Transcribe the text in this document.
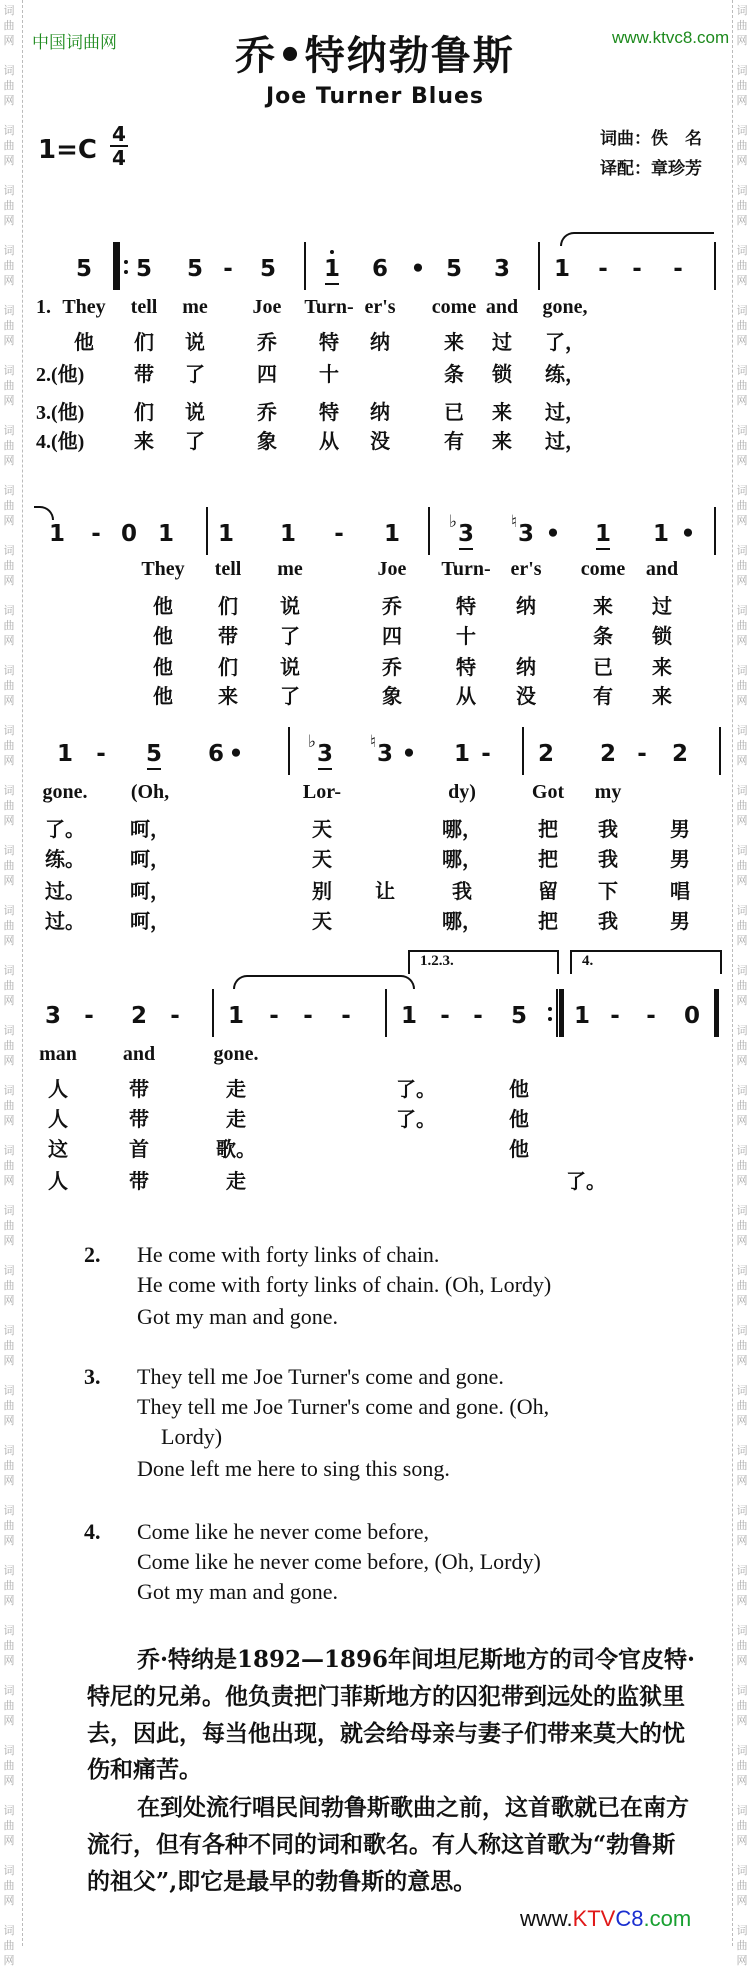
词	词
曲	曲
网	网
词	词
曲	曲
网	网
词	词
曲	曲
网	网
词	词
曲	曲
网	网
词	词
曲	曲
网	网
词	词
曲	曲
网	网
词	词
曲	曲
网	网
词	词
曲	曲
网	网
词	词
曲	曲
网	网
词	词
曲	曲
网	网
词	词
曲	曲
网	网
词	词
曲	曲
网	网
词	词
曲	曲
网	网
词	词
曲	曲
网	网
词	词
曲	曲
网	网
词	词
曲	曲
网	网
词	词
曲	曲
网	网
词	词
曲	曲
网	网
词	词
曲	曲
网	网
词	词
曲	曲
网	网
词	词
曲	曲
网	网
词	词
曲	曲
网	网
词	词
曲	曲
网	网
词	词
曲	曲
网	网
词	词
曲	曲
网	网
词	词
曲	曲
网	网
词	词
曲	曲
网	网
词	词
曲	曲
网	网
词	词
曲	曲
网	网
词	词
曲	曲
网	网
词	词
曲	曲
网	网
词	词
曲	曲
网	网
词	词
曲	曲
网	网
中国词曲网	www.ktvc8.com
乔•特纳勃鲁斯
Joe Turner Blues
1=C
4
4
词曲：佚　名
译配：章珍芳
5 5 5 - 5 1 6 • 5 3 1 - - -
1. They tell me Joe Turn- er's come and gone,
他 们 说	乔 特 纳	来 过 了，
2.(他) 带 了	四 十	条 锁 练，
3.(他) 们 说	乔 特 纳	已 来 过，
4.(他) 来 了	象 从 没	有 来 过，
1 - 0 1 1 1 - 1	3
♭	3
♮ • 1 1 •
They tell me	Joe Turn- er's come and
他 们 说	乔	特 纳	来 过
他 带 了	四	十	条 锁
他 们 说	乔	特 纳	已 来
他 来 了	象	从 没	有 来
1 - 5 6 •	3
♭	3
♮ • 1 - 2 2 - 2
gone. (Oh,	Lor-	dy)	Got my
了。 呵，	天	哪，	把 我	男
练。 呵，	天	哪，	把 我	男
过。 呵，	别 让	我	留 下	唱
过。 呵，	天	哪，	把 我	男
3 - 2 - 1 - - - 1 - - 5 1 - - 0
man and	gone.
人	带	走	了。	他
人	带	走	了。	他
这	首	歌。	他
人	带	走	了。
1.2.3.	4.
2. He come with forty links of chain.
He come with forty links of chain. (Oh, Lordy)
Got my man and gone.
3. They tell me Joe Turner's come and gone.
They tell me Joe Turner's come and gone. (Oh,
Lordy)
Done left me here to sing this song.
4. Come like he never come before,
Come like he never come before, (Oh, Lordy)
Got my man and gone.
乔·特纳是1892—1896年间坦尼斯地方的司令官皮特·
特尼的兄弟。他负责把门菲斯地方的囚犯带到远处的监狱里
去，因此，每当他出现，就会给母亲与妻子们带来莫大的忧
伤和痛苦。
在到处流行唱民间勃鲁斯歌曲之前，这首歌就已在南方
流行，但有各种不同的词和歌名。有人称这首歌为“勃鲁斯
的祖父”,即它是最早的勃鲁斯的意思。
www.KTVC8.com
